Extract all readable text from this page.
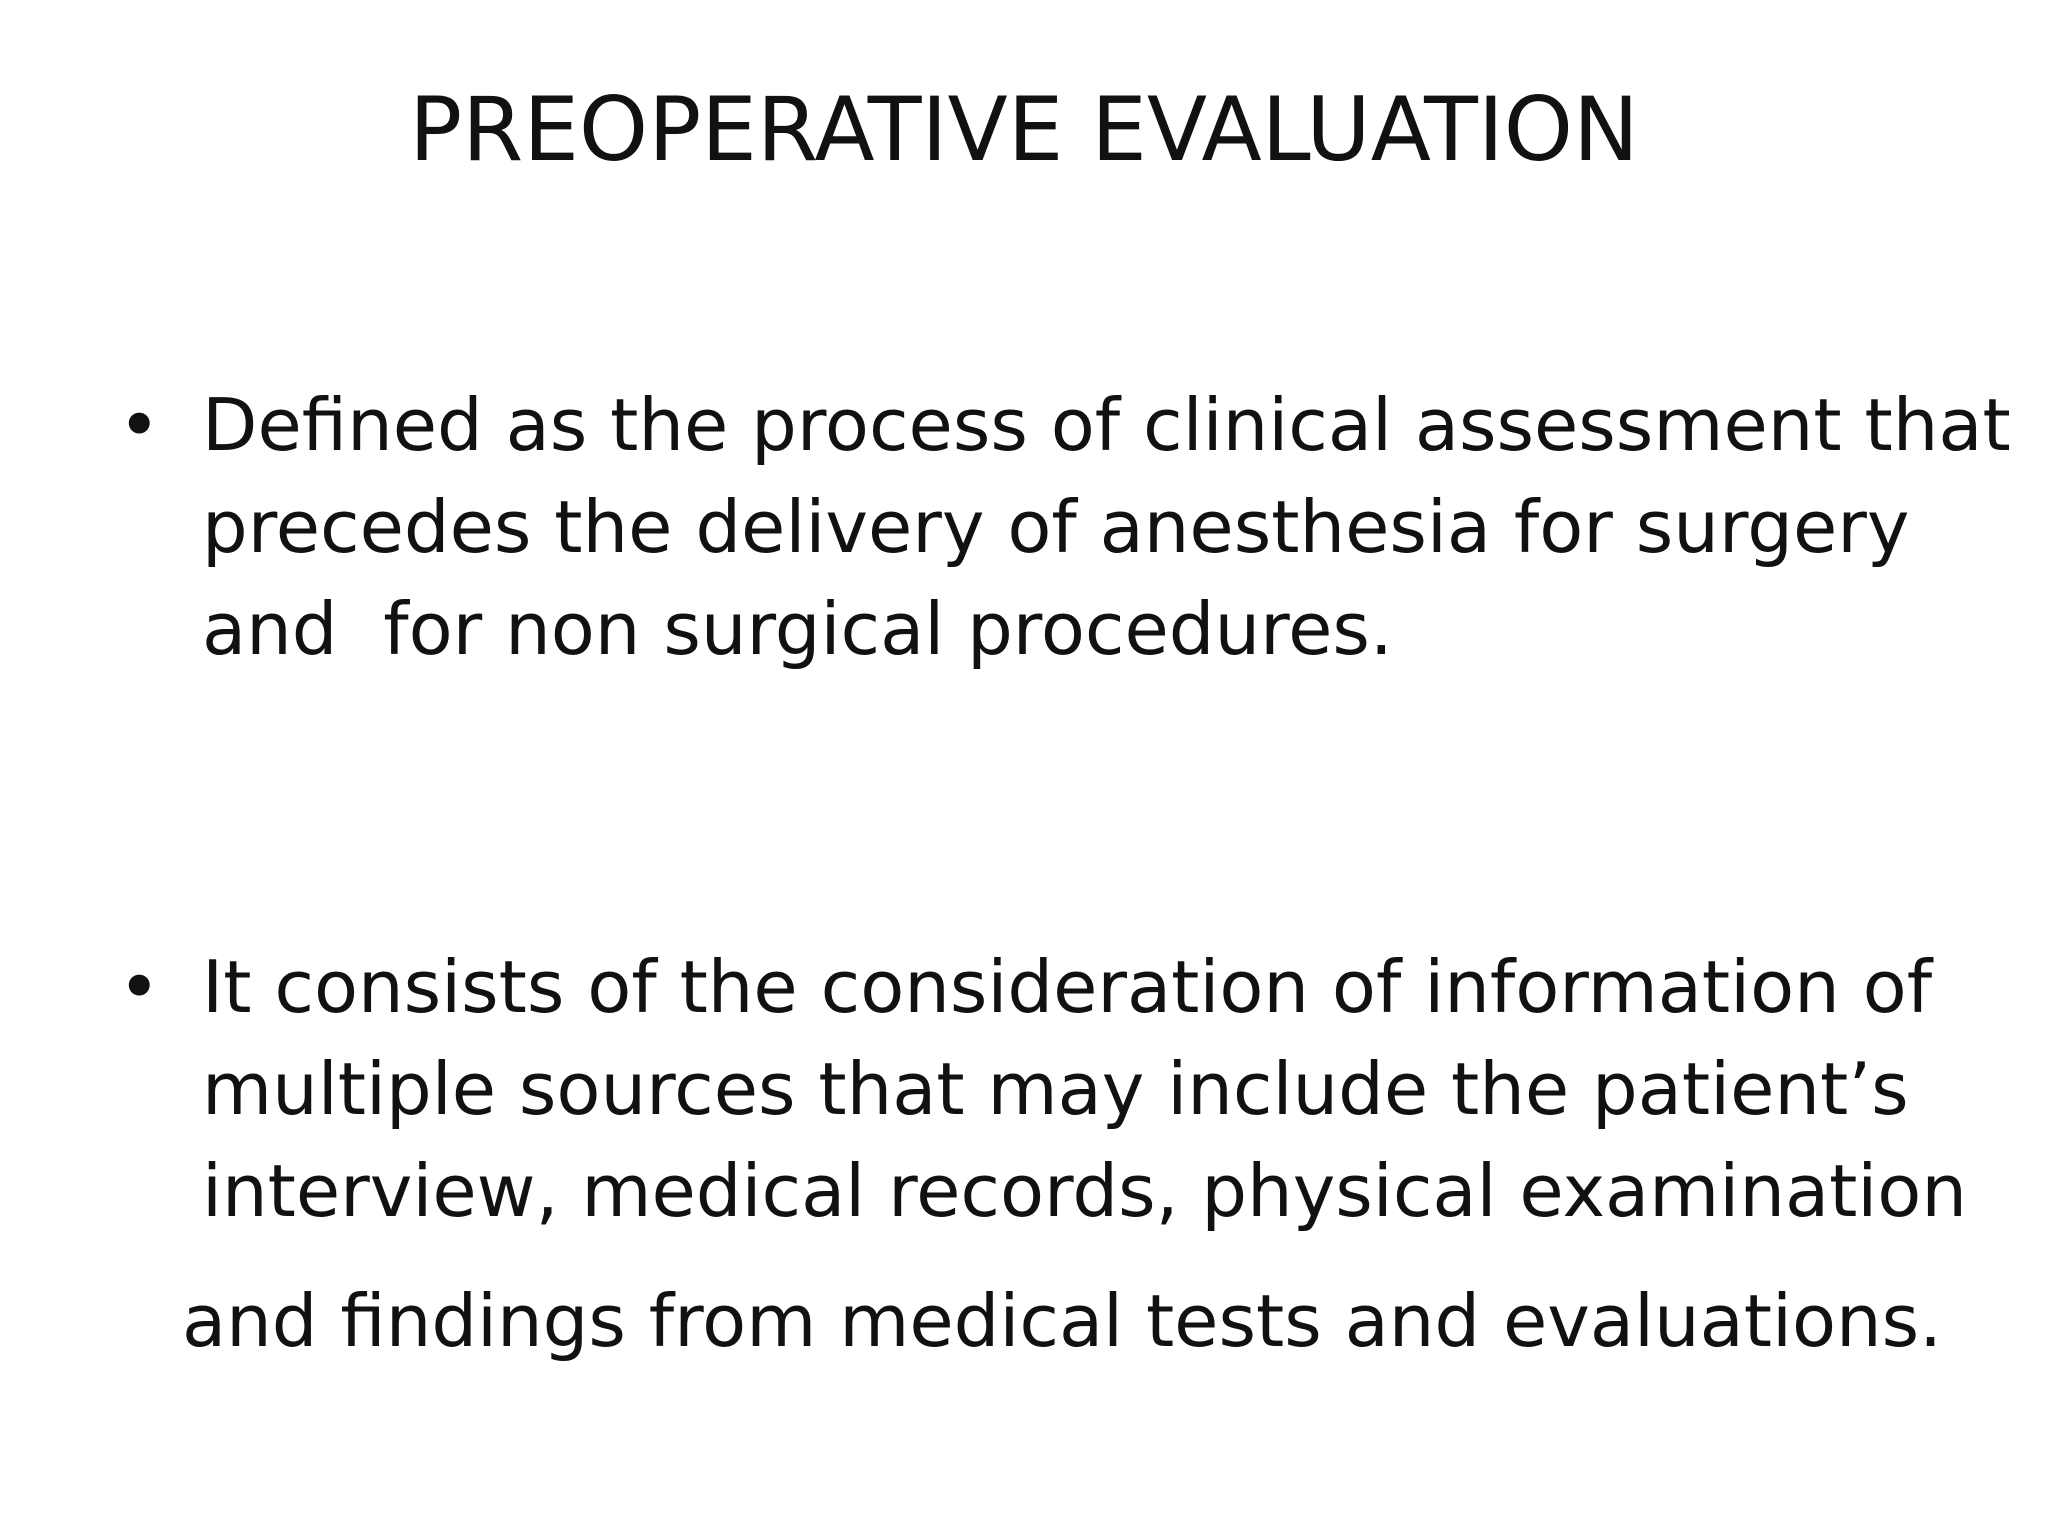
PREOPERATIVE EVALUATION
• Defined as the process of clinical assessment that
precedes the delivery of anesthesia for surgery
and  for non surgical procedures.
• It consists of the consideration of information of
multiple sources that may include the patient’s
interview, medical records, physical examination
and findings from medical tests and evaluations.
